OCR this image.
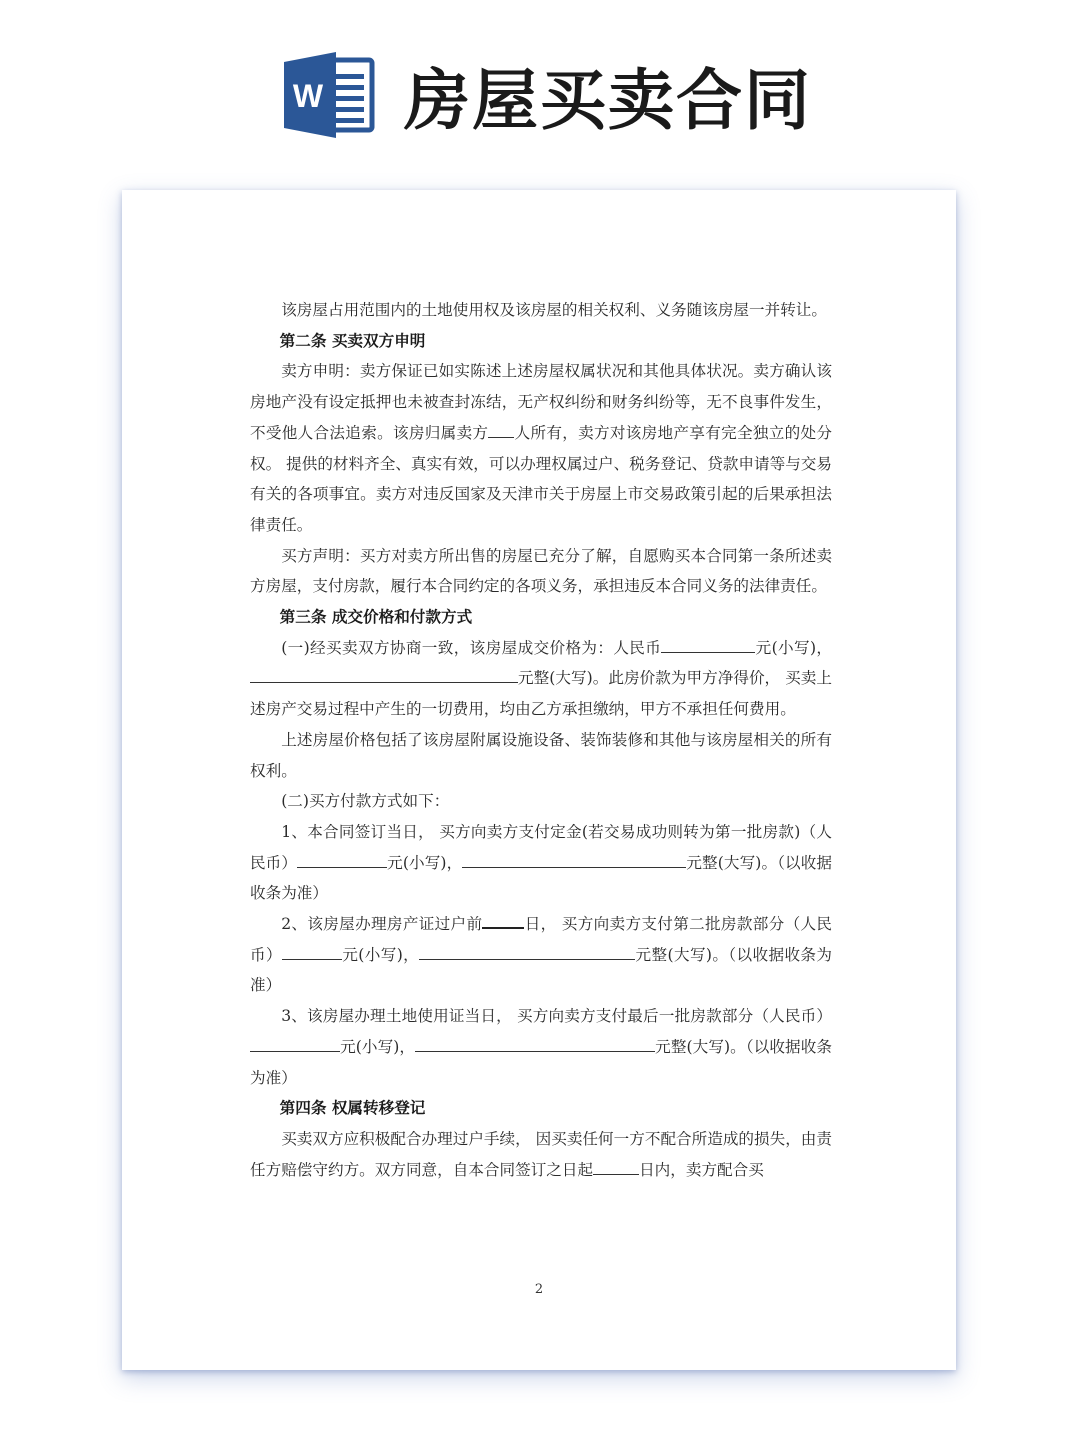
W 房屋买卖合同

该房屋占用范围内的土地使用权及该房屋的相关权利、义务随该房屋一并转让。

第二条 买卖双方申明

卖方申明：卖方保证已如实陈述上述房屋权属状况和其他具体状况。卖方确认该房地产没有设定抵押也未被查封冻结，无产权纠纷和财务纠纷等，无不良事件发生，不受他人合法追索。该房归属卖方 人所有，卖方对该房地产享有完全独立的处分权。 提供的材料齐全、真实有效，可以办理权属过户、税务登记、贷款申请等与交易有关的各项事宜。卖方对违反国家及天津市关于房屋上市交易政策引起的后果承担法律责任。

买方声明：买方对卖方所出售的房屋已充分了解，自愿购买本合同第一条所述卖方房屋，支付房款，履行本合同约定的各项义务，承担违反本合同义务的法律责任。

第三条 成交价格和付款方式

(一)经买卖双方协商一致，该房屋成交价格为：人民币	元(小写)，元整(大写)。此房价款为甲方净得价， 买卖上述房产交易过程中产生的一切费用，均由乙方承担缴纳，甲方不承担任何费用。

上述房屋价格包括了该房屋附属设施设备、装饰装修和其他与该房屋相关的所有权利。

(二)买方付款方式如下：

1、本合同签订当日， 买方向卖方支付定金(若交易成功则转为第一批房款)（人民币）	元(小写)，	元整(大写)。（以收据收条为准）

2、该房屋办理房产证过户前	日， 买方向卖方支付第二批房款部分（人民币）	元(小写)，	元整(大写)。（以收据收条为准）

3、该房屋办理土地使用证当日， 买方向卖方支付最后一批房款部分（人民币）元(小写)，	元整(大写)。（以收据收条为准）

第四条 权属转移登记

买卖双方应积极配合办理过户手续， 因买卖任何一方不配合所造成的损失，由责任方赔偿守约方。双方同意，自本合同签订之日起	日内，卖方配合买

2
